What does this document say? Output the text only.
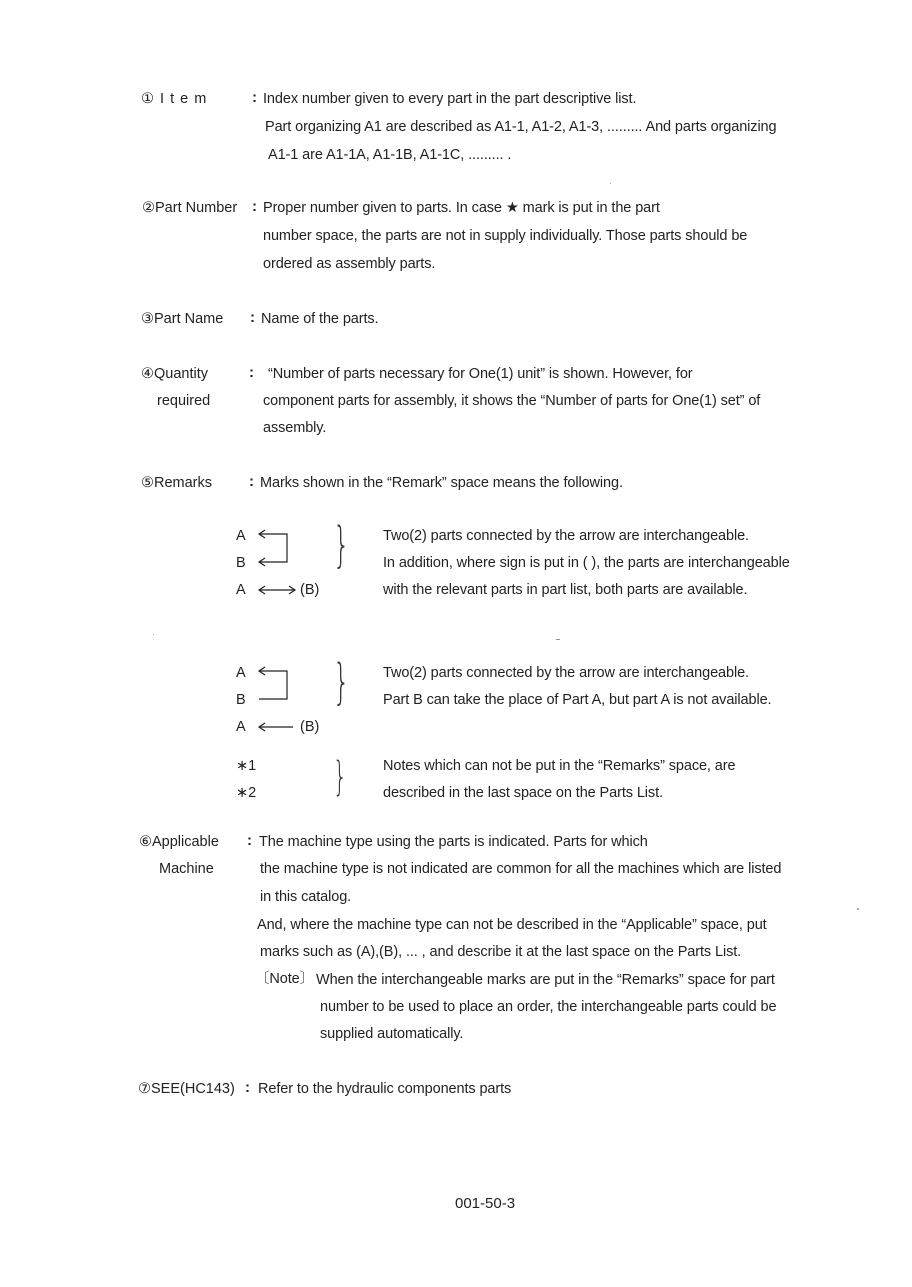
① I t e m	: Index number given to every part in the part descriptive list.
Part organizing A1 are described as A1-1, A1-2, A1-3, ......... And parts organizing
A1-1 are A1-1A, A1-1B, A1-1C, ......... .
②Part Number : Proper number given to parts. In case ★ mark is put in the part
number space, the parts are not in supply individually. Those parts should be
ordered as assembly parts.
③Part Name : Name of the parts.
④Quantity
required
: “Number of parts necessary for One(1) unit” is shown. However, for
component parts for assembly, it shows the “Number of parts for One(1) set” of
assembly.
⑤Remarks : Marks shown in the “Remark” space means the following.
A
B
A	(B)
} Two(2) parts connected by the arrow are interchangeable.
In addition, where sign is put in ( ), the parts are interchangeable
with the relevant parts in part list, both parts are available.
A
B
A	(B)
} Two(2) parts connected by the arrow are interchangeable.
Part B can take the place of Part A, but part A is not available.
∗1
∗2 } Notes which can not be put in the “Remarks” space, are
described in the last space on the Parts List.
⑥Applicable
Machine
: The machine type using the parts is indicated. Parts for which
the machine type is not indicated are common for all the machines which are listed
in this catalog.
And, where the machine type can not be described in the “Applicable” space, put
marks such as (A),(B), ... , and describe it at the last space on the Parts List.
〔Note〕 When the interchangeable marks are put in the “Remarks” space for part
number to be used to place an order, the interchangeable parts could be
supplied automatically.
⑦SEE(HC143) : Refer to the hydraulic components parts
001-50-3
